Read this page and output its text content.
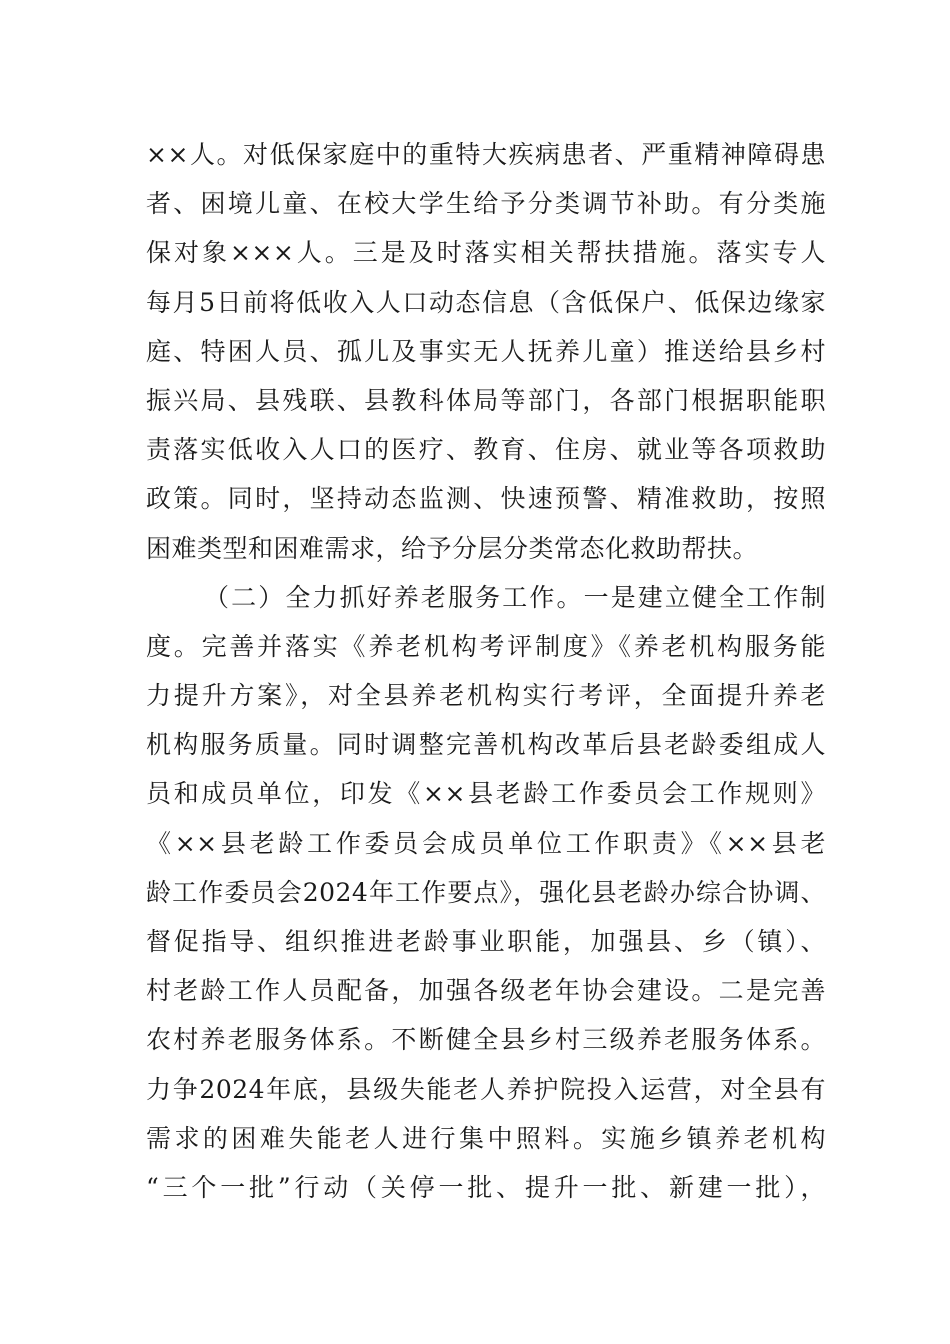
××人。对低保家庭中的重特大疾病患者、严重精神障碍患
者、困境儿童、在校大学生给予分类调节补助。有分类施
保对象×××人。三是及时落实相关帮扶措施。落实专人
每月5日前将低收入人口动态信息（含低保户、低保边缘家
庭、特困人员、孤儿及事实无人抚养儿童）推送给县乡村
振兴局、县残联、县教科体局等部门，各部门根据职能职
责落实低收入人口的医疗、教育、住房、就业等各项救助
政策。同时，坚持动态监测、快速预警、精准救助，按照
困难类型和困难需求，给予分层分类常态化救助帮扶。
（二）全力抓好养老服务工作。一是建立健全工作制
度。完善并落实《养老机构考评制度》《养老机构服务能
力提升方案》，对全县养老机构实行考评，全面提升养老
机构服务质量。同时调整完善机构改革后县老龄委组成人
员和成员单位，印发《××县老龄工作委员会工作规则》
《××县老龄工作委员会成员单位工作职责》《××县老
龄工作委员会2024年工作要点》，强化县老龄办综合协调、
督促指导、组织推进老龄事业职能，加强县、乡（镇）、
村老龄工作人员配备，加强各级老年协会建设。二是完善
农村养老服务体系。不断健全县乡村三级养老服务体系。
力争2024年底，县级失能老人养护院投入运营，对全县有
需求的困难失能老人进行集中照料。实施乡镇养老机构
“三个一批”行动（关停一批、提升一批、新建一批），
